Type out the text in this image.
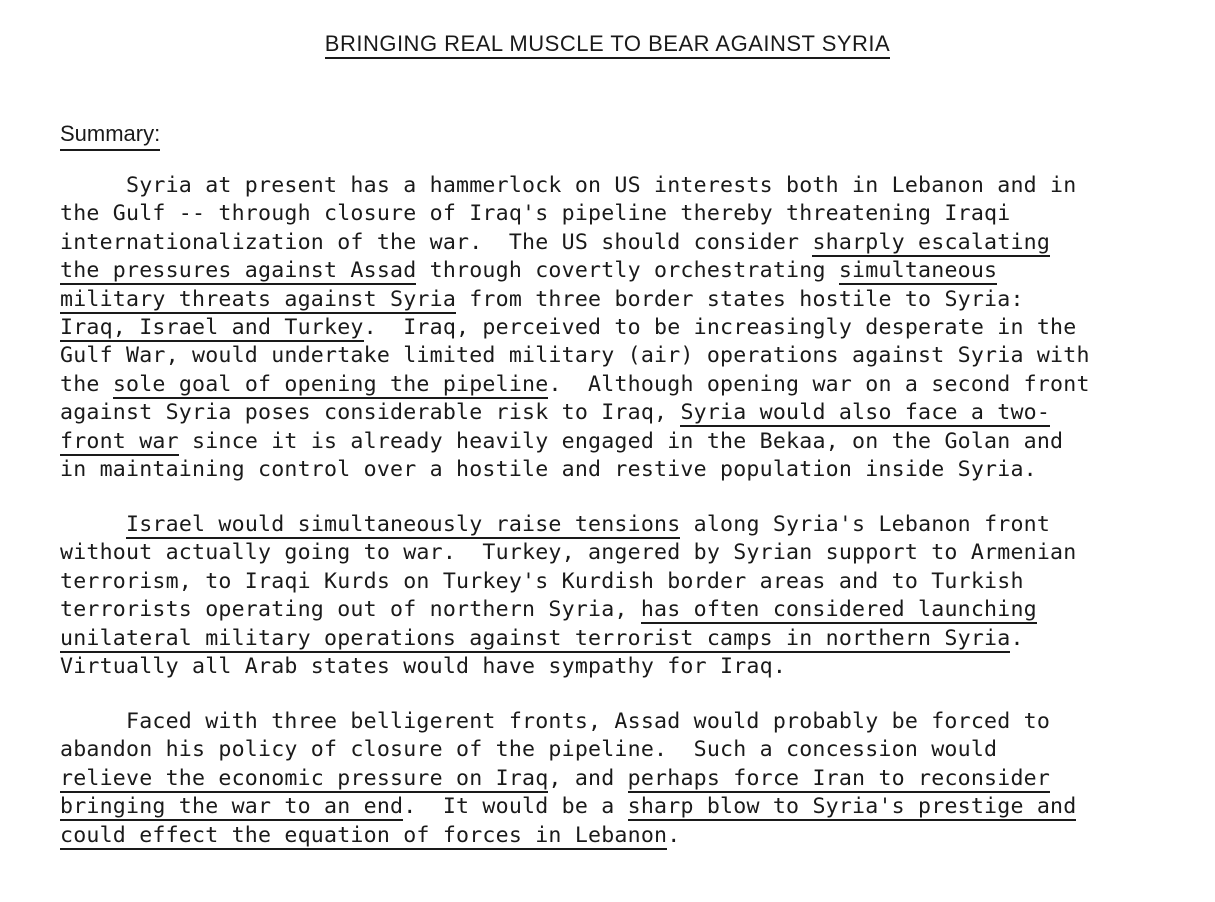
BRINGING REAL MUSCLE TO BEAR AGAINST SYRIA
Summary:
Syria at present has a hammerlock on US interests both in Lebanon and in
the Gulf -- through closure of Iraq's pipeline thereby threatening Iraqi
internationalization of the war.  The US should consider sharply escalating
the pressures against Assad through covertly orchestrating simultaneous
military threats against Syria from three border states hostile to Syria:
Iraq, Israel and Turkey.  Iraq, perceived to be increasingly desperate in the
Gulf War, would undertake limited military (air) operations against Syria with
the sole goal of opening the pipeline.  Although opening war on a second front
against Syria poses considerable risk to Iraq, Syria would also face a two-
front war since it is already heavily engaged in the Bekaa, on the Golan and
in maintaining control over a hostile and restive population inside Syria.
Israel would simultaneously raise tensions along Syria's Lebanon front
without actually going to war.  Turkey, angered by Syrian support to Armenian
terrorism, to Iraqi Kurds on Turkey's Kurdish border areas and to Turkish
terrorists operating out of northern Syria, has often considered launching
unilateral military operations against terrorist camps in northern Syria.
Virtually all Arab states would have sympathy for Iraq.
Faced with three belligerent fronts, Assad would probably be forced to
abandon his policy of closure of the pipeline.  Such a concession would
relieve the economic pressure on Iraq, and perhaps force Iran to reconsider
bringing the war to an end.  It would be a sharp blow to Syria's prestige and
could effect the equation of forces in Lebanon.
